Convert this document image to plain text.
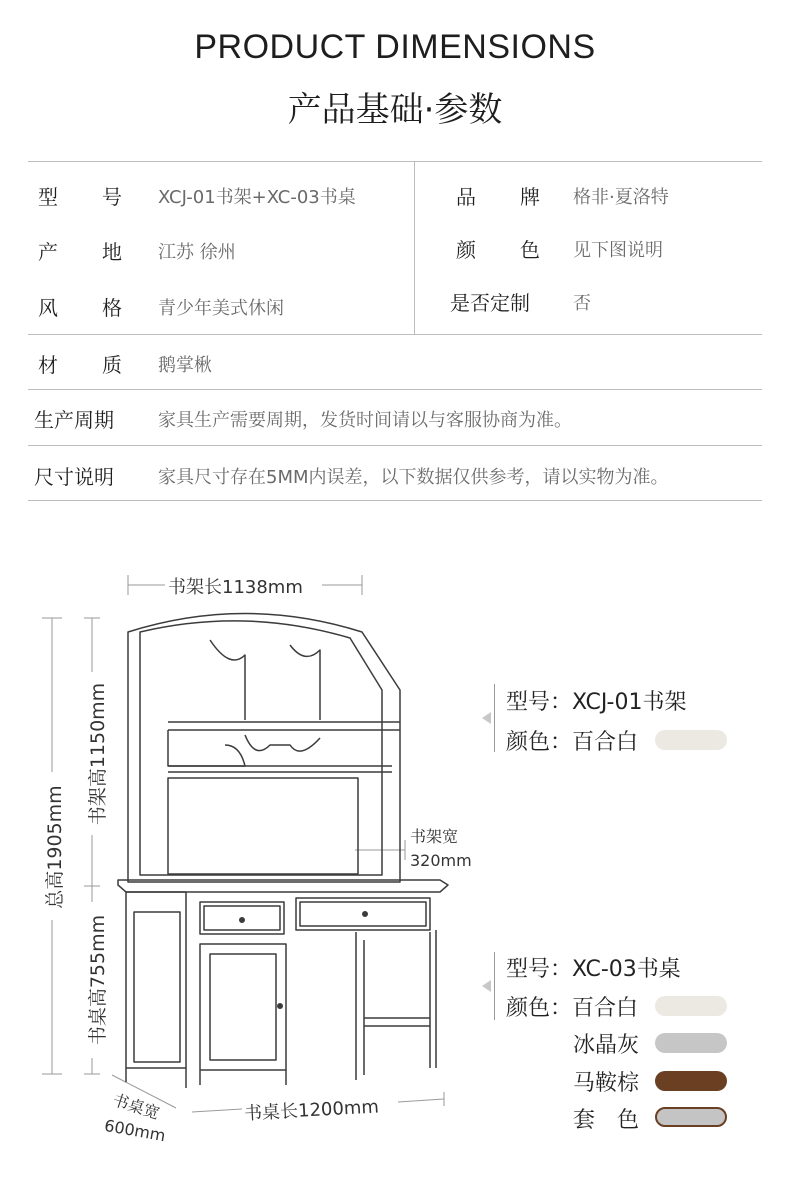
PRODUCT DIMENSIONS
产品基础·参数
型号 XCJ-01书架+XC-03书桌	品牌 格非·夏洛特
产地 江苏 徐州	颜色 见下图说明
风格 青少年美式休闲	是否定制 否
材质 鹅掌楸
生产周期 家具生产需要周期，发货时间请以与客服协商为准。
尺寸说明 家具尺寸存在5MM内误差，以下数据仅供参考，请以实物为准。
书架长1138mm
书架高1150mm
总高1905mm
书桌高755mm
书架宽
320mm
书桌宽
600mm
书桌长1200mm
型号：XCJ-01书架
颜色：百合白
型号：XC-03书桌
颜色：百合白
冰晶灰
马鞍棕
套色
